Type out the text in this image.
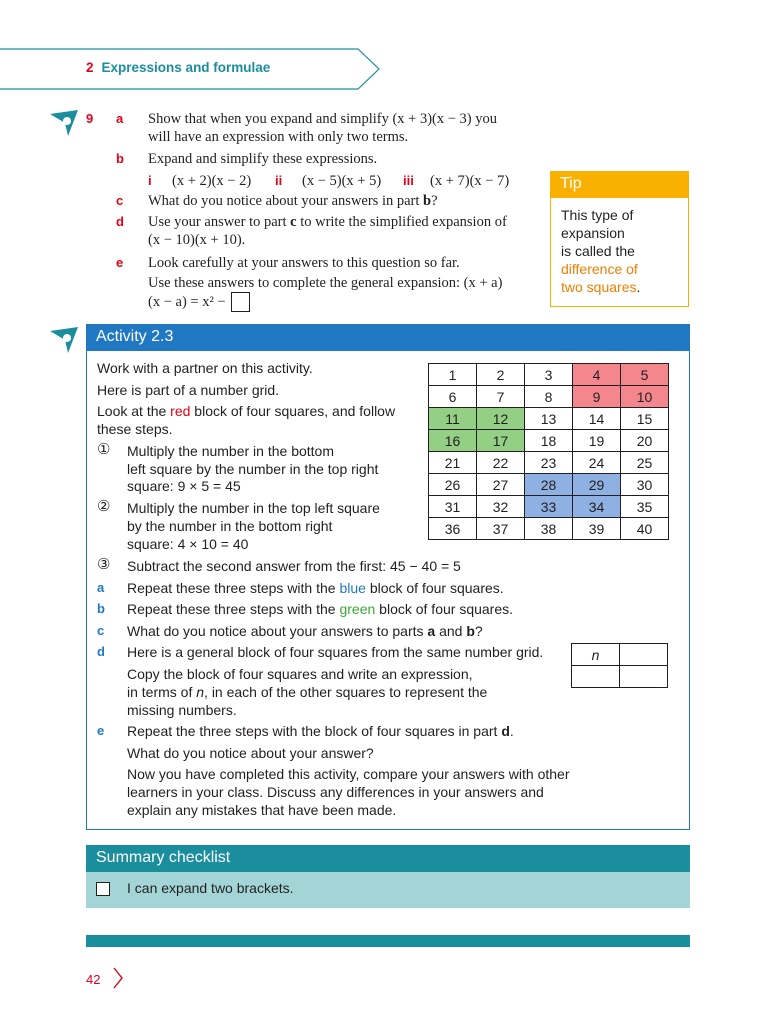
2 Expressions and formulae
9 a Show that when you expand and simplify (x + 3)(x − 3) you
will have an expression with only two terms.
b Expand and simplify these expressions.
i (x + 2)(x − 2) ii (x − 5)(x + 5) iii (x + 7)(x − 7)
c What do you notice about your answers in part b?
d Use your answer to part c to write the simplified expansion of
(x − 10)(x + 10).
e Look carefully at your answers to this question so far.
Use these answers to complete the general expansion: (x + a)
(x − a) = x² −
Tip
This type of
expansion
is called the
difference of
two squares.
Activity 2.3
Work with a partner on this activity.
Here is part of a number grid.
Look at the red block of four squares, and follow
these steps.
① Multiply the number in the bottom
left square by the number in the top right
square: 9 × 5 = 45
② Multiply the number in the top left square
by the number in the bottom right
square: 4 × 10 = 40
③ Subtract the second answer from the first: 45 − 40 = 5
a Repeat these three steps with the blue block of four squares.
b Repeat these three steps with the green block of four squares.
c What do you notice about your answers to parts a and b?
d Here is a general block of four squares from the same number grid.
Copy the block of four squares and write an expression,
in terms of n, in each of the other squares to represent the
missing numbers.
e Repeat the three steps with the block of four squares in part d.
What do you notice about your answer?
Now you have completed this activity, compare your answers with other
learners in your class. Discuss any differences in your answers and
explain any mistakes that have been made.
1	2	3	4	5
6	7	8	9	10
11	12	13	14	15
16	17	18	19	20
21	22	23	24	25
26	27	28	29	30
31	32	33	34	35
36	37	38	39	40
n	

Summary checklist
I can expand two brackets.
42
